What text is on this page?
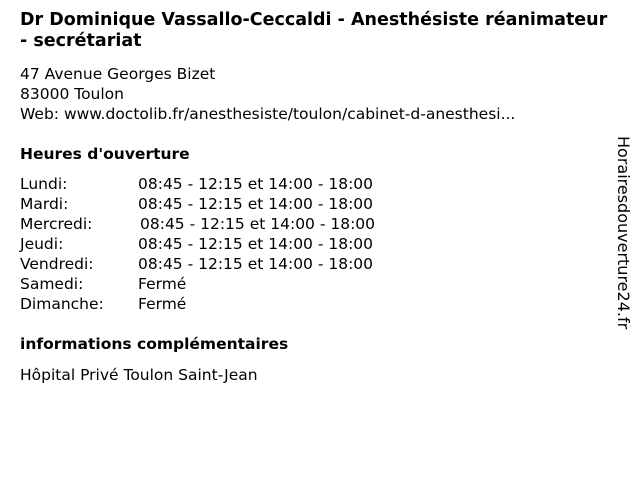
Dr Dominique Vassallo-Ceccaldi - Anesthésiste réanimateur - secrétariat
47 Avenue Georges Bizet
83000 Toulon
Web: www.doctolib.fr/anesthesiste/toulon/cabinet-d-anesthesi...
Heures d'ouverture
Lundi:	08:45 - 12:15 et 14:00 - 18:00
Mardi:	08:45 - 12:15 et 14:00 - 18:00
Mercredi:	08:45 - 12:15 et 14:00 - 18:00
Jeudi:	08:45 - 12:15 et 14:00 - 18:00
Vendredi:	08:45 - 12:15 et 14:00 - 18:00
Samedi:	Fermé
Dimanche: Fermé
informations complémentaires
Hôpital Privé Toulon Saint-Jean
Horairesdouverture24.fr
